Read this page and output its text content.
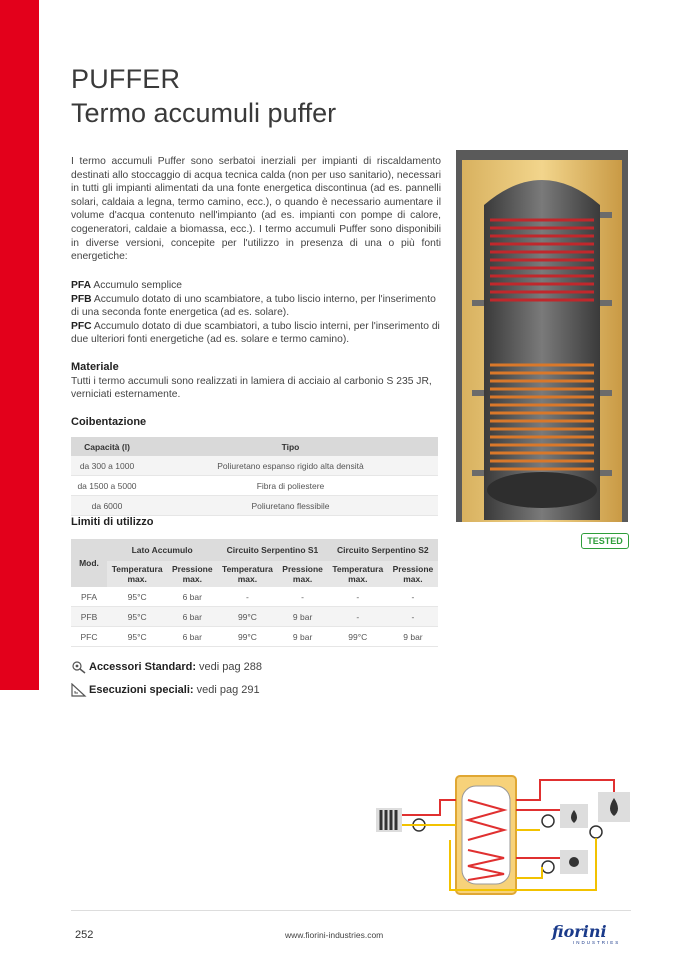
PUFFER
Termo accumuli puffer
I termo accumuli Puffer sono serbatoi inerziali per impianti di riscaldamento destinati allo stoccaggio di acqua tecnica calda (non per uso sanitario), necessari in tutti gli impianti alimentati da una fonte energetica discontinua (ad es. pannelli solari, caldaia a legna, termo camino, ecc.), o quando è necessario aumentare il volume d'acqua contenuto nell'impianto (ad es. impianti con pompe di calore, cogeneratori, caldaie a biomassa, ecc.). I termo accumuli Puffer sono disponibili in diverse versioni, concepite per l'utilizzo in presenza di una o più fonti energetiche:

PFA Accumulo semplice

PFB Accumulo dotato di uno scambiatore, a tubo liscio interno, per l'inserimento di una seconda fonte energetica (ad es. solare).

PFC Accumulo dotato di due scambiatori, a tubo liscio interni, per l'inserimento di due ulteriori fonti energetiche (ad es. solare e termo camino).

Materiale

Tutti i termo accumuli sono realizzati in lamiera di acciaio al carbonio S 235 JR, verniciati esternamente.

Coibentazione
Capacità (l)	Tipo
da 300 a 1000	Poliuretano espanso rigido alta densità
da 1500 a 5000	Fibra di poliestere
da 6000	Poliuretano flessibile
Limiti di utilizzo
Mod.	Lato Accumulo		Circuito Serpentino S1		Circuito Serpentino S2	
	Temperatura max.	Pressione max.	Temperatura max.	Pressione max.	Temperatura max.	Pressione max.
PFA	95°C	6 bar	-	-	-	-
PFB	95°C	6 bar	99°C	9 bar	-	-
PFC	95°C	6 bar	99°C	9 bar	99°C	9 bar
Accessori Standard: vedi pag 288
Esecuzioni speciali: vedi pag 291
TESTED
252	www.fiorini-industries.com	fiorini
INDUSTRIES
